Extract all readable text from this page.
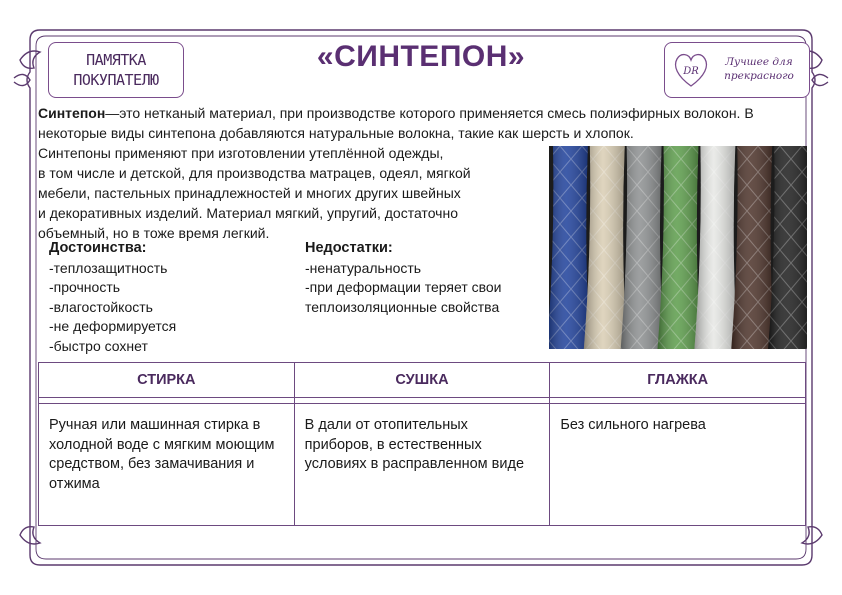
ПАМЯТКА
ПОКУПАТЕЛЮ
«СИНТЕПОН»	DR
Лучшее для
прекрасного
Синтепон—это нетканый материал, при производстве которого применяется смесь полиэфирных волокон. В некоторые виды синтепона добавляются натуральные волокна, такие как шерсть и хлопок.
Синтепоны применяют при изготовлении утеплённой одежды,
в том числе и детской, для производства матрацев, одеял, мягкой
мебели, пастельных принадлежностей и многих других швейных
и декоративных изделий. Материал мягкий, упругий, достаточно
объемный, но в тоже время легкий.
Достоинства:
-теплозащитность
-прочность
-влагостойкость
-не деформируется
-быстро сохнет
Недостатки:
-ненатуральность
-при деформации теряет свои
теплоизоляционные свойства
СТИРКА	СУШКА	ГЛАЖКА

Ручная или машинная стирка в холодной воде с мягким моющим средством, без замачивания и отжима	В дали от отопительных приборов, в естественных условиях в расправленном виде	Без сильного нагрева
